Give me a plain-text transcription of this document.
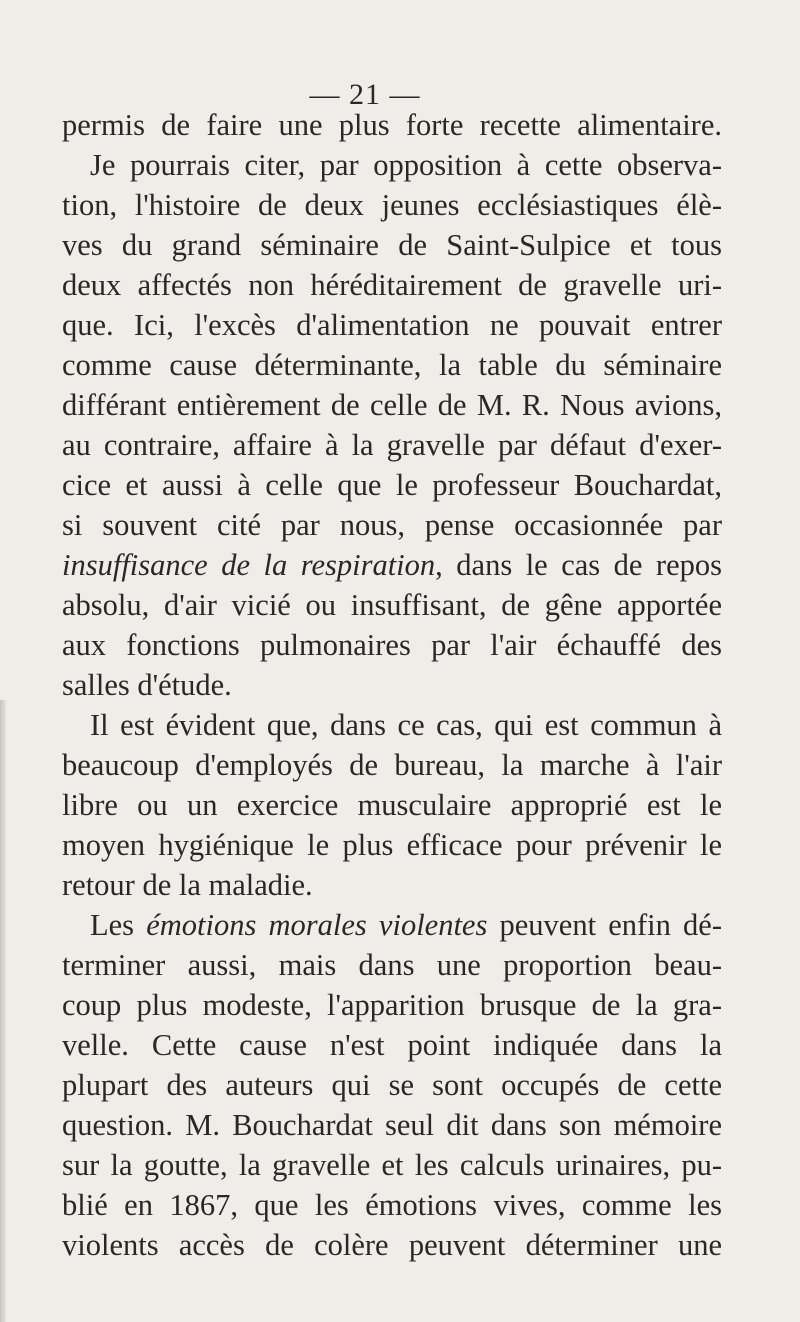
— 21 —
permis de faire une plus forte recette alimentaire.
Je pourrais citer, par opposition à cette observa-
tion, l'histoire de deux jeunes ecclésiastiques élè-
ves du grand séminaire de Saint-Sulpice et tous
deux affectés non héréditairement de gravelle uri-
que. Ici, l'excès d'alimentation ne pouvait entrer
comme cause déterminante, la table du séminaire
différant entièrement de celle de M. R. Nous avions,
au contraire, affaire à la gravelle par défaut d'exer-
cice et aussi à celle que le professeur Bouchardat,
si souvent cité par nous, pense occasionnée par
insuffisance de la respiration, dans le cas de repos
absolu, d'air vicié ou insuffisant, de gêne apportée
aux fonctions pulmonaires par l'air échauffé des
salles d'étude.
Il est évident que, dans ce cas, qui est commun à
beaucoup d'employés de bureau, la marche à l'air
libre ou un exercice musculaire approprié est le
moyen hygiénique le plus efficace pour prévenir le
retour de la maladie.
Les émotions morales violentes peuvent enfin dé-
terminer aussi, mais dans une proportion beau-
coup plus modeste, l'apparition brusque de la gra-
velle. Cette cause n'est point indiquée dans la
plupart des auteurs qui se sont occupés de cette
question. M. Bouchardat seul dit dans son mémoire
sur la goutte, la gravelle et les calculs urinaires, pu-
blié en 1867, que les émotions vives, comme les
violents accès de colère peuvent déterminer une
